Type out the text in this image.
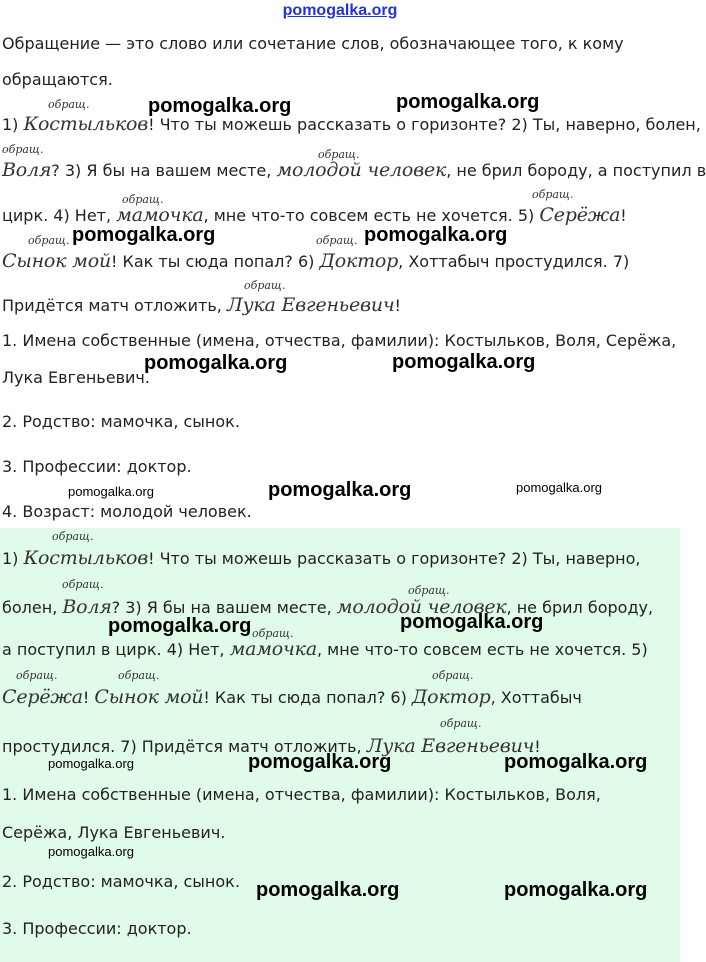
pomogalka.org
Обращение — это слово или сочетание слов, обозначающее того, к кому
обращаются.
1) Костыльков! Что ты можешь рассказать о горизонте? 2) Ты, наверно, болен,
Воля? 3) Я бы на вашем месте, молодой человек, не брил бороду, а поступил в
цирк. 4) Нет, мамочка, мне что-то совсем есть не хочется. 5) Серёжа!
Сынок мой! Как ты сюда попал? 6) Доктор, Хоттабыч простудился. 7)
Придётся матч отложить, Лука Евгеньевич!
обращ.
обращ.	обращ.
обращ.	обращ.
обращ.	обращ.
обращ.
1. Имена собственные (имена, отчества, фамилии): Костыльков, Воля, Серёжа,
Лука Евгеньевич.
2. Родство: мамочка, сынок.
3. Профессии: доктор.
4. Возраст: молодой человек.
1) Костыльков! Что ты можешь рассказать о горизонте? 2) Ты, наверно,
болен, Воля? 3) Я бы на вашем месте, молодой человек, не брил бороду,
а поступил в цирк. 4) Нет, мамочка, мне что-то совсем есть не хочется. 5)
Серёжа! Сынок мой! Как ты сюда попал? 6) Доктор, Хоттабыч
простудился. 7) Придётся матч отложить, Лука Евгеньевич!
обращ.
обращ.	обращ.
обращ.
обращ.	обращ.	обращ.
обращ.
1. Имена собственные (имена, отчества, фамилии): Костыльков, Воля,
Серёжа, Лука Евгеньевич.
2. Родство: мамочка, сынок.
3. Профессии: доктор.
pomogalka.org	pomogalka.org
pomogalka.org	pomogalka.org
pomogalka.org	pomogalka.org
pomogalka.org	pomogalka.org	pomogalka.org
pomogalka.org	pomogalka.org
pomogalka.org	pomogalka.org	pomogalka.org
pomogalka.org
pomogalka.org	pomogalka.org
